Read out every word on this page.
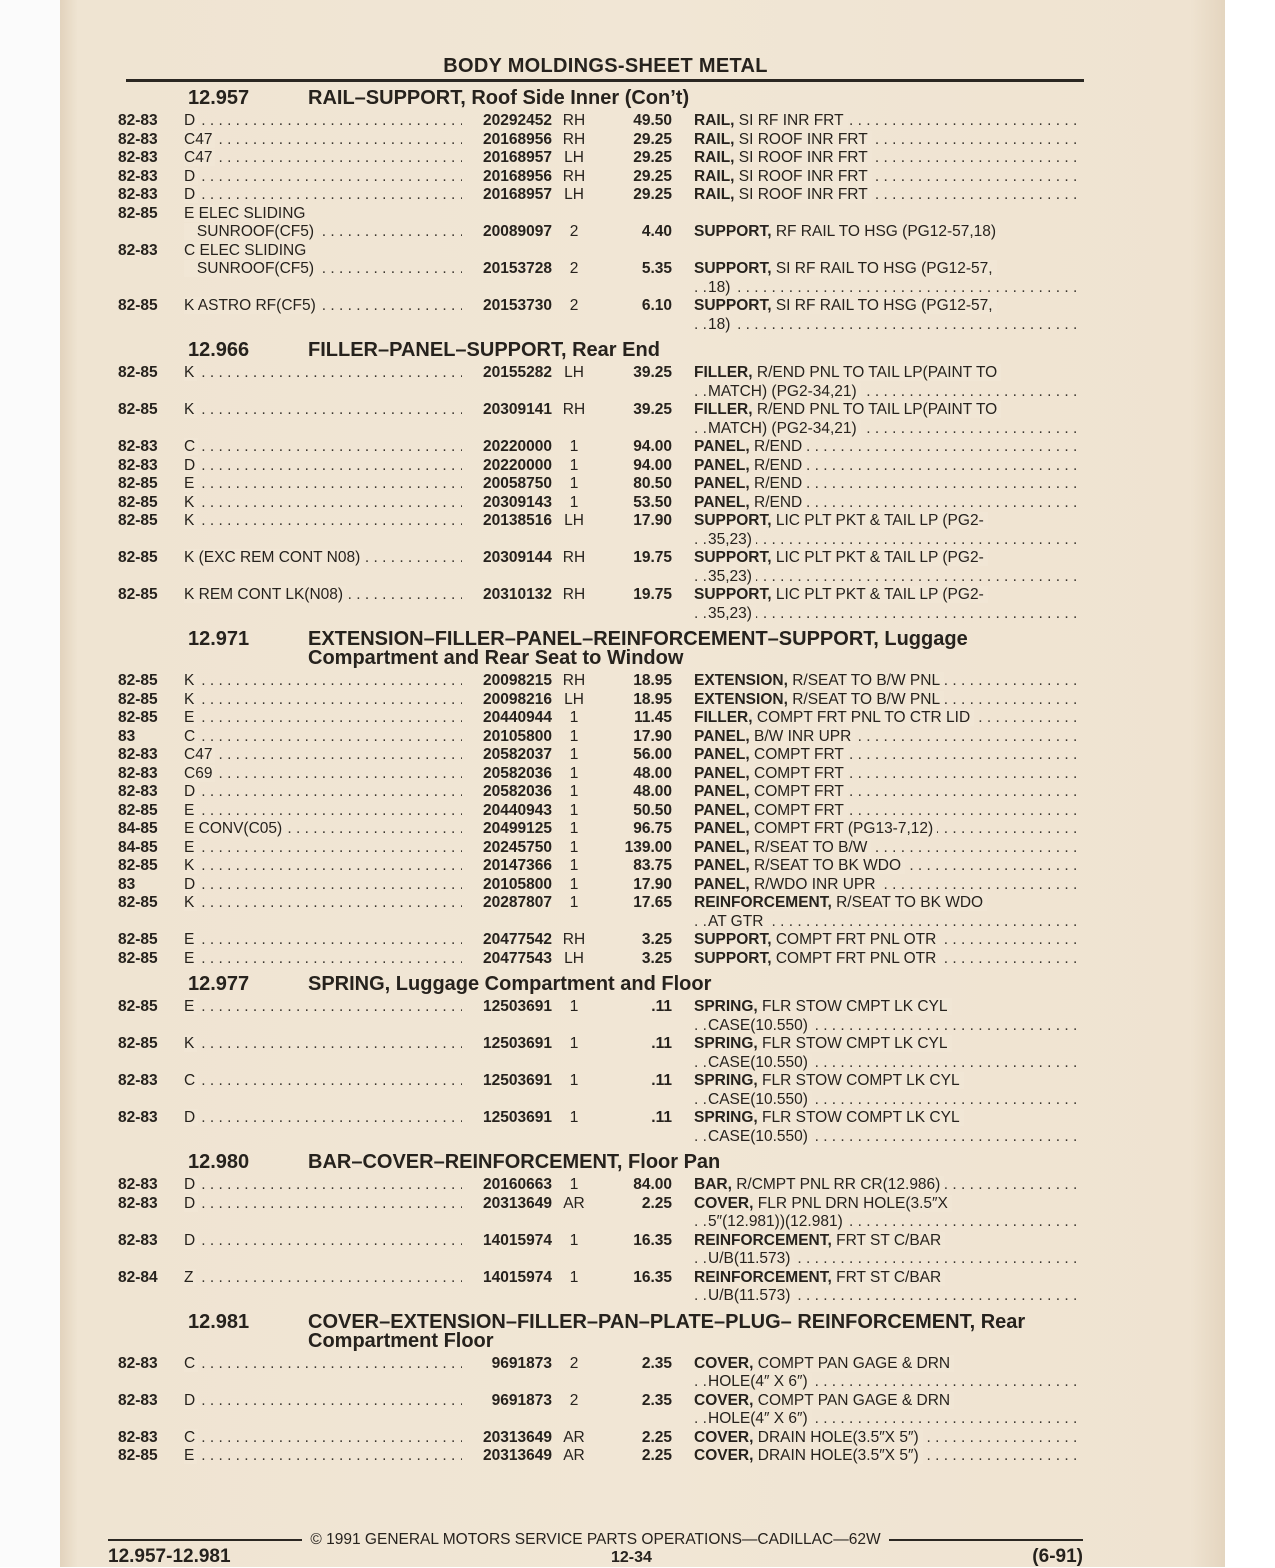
BODY MOLDINGS-SHEET METAL
12.957	RAIL–SUPPORT, Roof Side Inner (Con’t)
82-83	D . . .	20292452 RH	49.50	RAIL, SI RF INR FRT . . .
82-83	C47 . . .	20168956 RH	29.25	RAIL, SI ROOF INR FRT . . .
82-83	C47 . . .	20168957 LH	29.25	RAIL, SI ROOF INR FRT . . .
82-83	D . . .	20168956 RH	29.25	RAIL, SI ROOF INR FRT . . .
82-83	D . . .	20168957 LH	29.25	RAIL, SI ROOF INR FRT . . .
82-85	E ELEC SLIDING
SUNROOF(CF5) . . .	20089097	2	4.40	SUPPORT, RF RAIL TO HSG (PG12-57,18)
82-83	C ELEC SLIDING
SUNROOF(CF5) . . .	20153728	2	5.35	SUPPORT, SI RF RAIL TO HSG (PG12-57,
18) . . .
82-85	K ASTRO RF(CF5) . . .	20153730	2	6.10	SUPPORT, SI RF RAIL TO HSG (PG12-57,
18) . . .
12.966	FILLER–PANEL–SUPPORT, Rear End
82-85	K . . .	20155282 LH	39.25	FILLER, R/END PNL TO TAIL LP(PAINT TO
MATCH) (PG2-34,21) . . .
82-85	K . . .	20309141 RH	39.25	FILLER, R/END PNL TO TAIL LP(PAINT TO
MATCH) (PG2-34,21) . . .
82-83	C . . .	20220000	1	94.00	PANEL, R/END . . .
82-83	D . . .	20220000	1	94.00	PANEL, R/END . . .
82-85	E . . .	20058750	1	80.50	PANEL, R/END . . .
82-85	K . . .	20309143	1	53.50	PANEL, R/END . . .
82-85	K . . .	20138516 LH	17.90	SUPPORT, LIC PLT PKT & TAIL LP (PG2-
35,23) . . .
82-85	K (EXC REM CONT N08) . . .	20309144 RH	19.75	SUPPORT, LIC PLT PKT & TAIL LP (PG2-
35,23) . . .
82-85	K REM CONT LK(N08) . . .	20310132 RH	19.75	SUPPORT, LIC PLT PKT & TAIL LP (PG2-
35,23) . . .
12.971	EXTENSION–FILLER–PANEL–REINFORCEMENT–SUPPORT, Luggage Compartment and Rear Seat to Window
82-85	K . . .	20098215 RH	18.95	EXTENSION, R/SEAT TO B/W PNL . . .
82-85	K . . .	20098216 LH	18.95	EXTENSION, R/SEAT TO B/W PNL . . .
82-85	E . . .	20440944	1	11.45	FILLER, COMPT FRT PNL TO CTR LID . . .
83	C . . .	20105800	1	17.90	PANEL, B/W INR UPR . . .
82-83	C47 . . .	20582037	1	56.00	PANEL, COMPT FRT . . .
82-83	C69 . . .	20582036	1	48.00	PANEL, COMPT FRT . . .
82-83	D . . .	20582036	1	48.00	PANEL, COMPT FRT . . .
82-85	E . . .	20440943	1	50.50	PANEL, COMPT FRT . . .
84-85	E CONV(C05) . . .	20499125	1	96.75	PANEL, COMPT FRT (PG13-7,12) . . .
84-85	E . . .	20245750	1	139.00	PANEL, R/SEAT TO B/W . . .
82-85	K . . .	20147366	1	83.75	PANEL, R/SEAT TO BK WDO . . .
83	D . . .	20105800	1	17.90	PANEL, R/WDO INR UPR . . .
82-85	K . . .	20287807	1	17.65	REINFORCEMENT, R/SEAT TO BK WDO
AT GTR . . .
82-85	E . . .	20477542 RH	3.25	SUPPORT, COMPT FRT PNL OTR . . .
82-85	E . . .	20477543 LH	3.25	SUPPORT, COMPT FRT PNL OTR . . .
12.977	SPRING, Luggage Compartment and Floor
82-85	E . . .	12503691	1	.11	SPRING, FLR STOW CMPT LK CYL
CASE(10.550) . . .
82-85	K . . .	12503691	1	.11	SPRING, FLR STOW CMPT LK CYL
CASE(10.550) . . .
82-83	C . . .	12503691	1	.11	SPRING, FLR STOW COMPT LK CYL
CASE(10.550) . . .
82-83	D . . .	12503691	1	.11	SPRING, FLR STOW COMPT LK CYL
CASE(10.550) . . .
12.980	BAR–COVER–REINFORCEMENT, Floor Pan
82-83	D . . .	20160663	1	84.00	BAR, R/CMPT PNL RR CR(12.986) . . .
82-83	D . . .	20313649 AR	2.25	COVER, FLR PNL DRN HOLE(3.5″X
5″(12.981))(12.981) . . .
82-83	D . . .	14015974	1	16.35	REINFORCEMENT, FRT ST C/BAR
U/B(11.573) . . .
82-84	Z . . .	14015974	1	16.35	REINFORCEMENT, FRT ST C/BAR
U/B(11.573) . . .
12.981	COVER–EXTENSION–FILLER–PAN–PLATE–PLUG– REINFORCEMENT, Rear Compartment Floor
82-83	C . . .	9691873	2	2.35	COVER, COMPT PAN GAGE & DRN
HOLE(4″ X 6″) . . .
82-83	D . . .	9691873	2	2.35	COVER, COMPT PAN GAGE & DRN
HOLE(4″ X 6″) . . .
82-83	C . . .	20313649 AR	2.25	COVER, DRAIN HOLE(3.5″X 5″) . . .
82-85	E . . .	20313649 AR	2.25	COVER, DRAIN HOLE(3.5″X 5″) . . .
© 1991 GENERAL MOTORS SERVICE PARTS OPERATIONS—CADILLAC—62W
12.957-12.981	12-34	(6-91)
